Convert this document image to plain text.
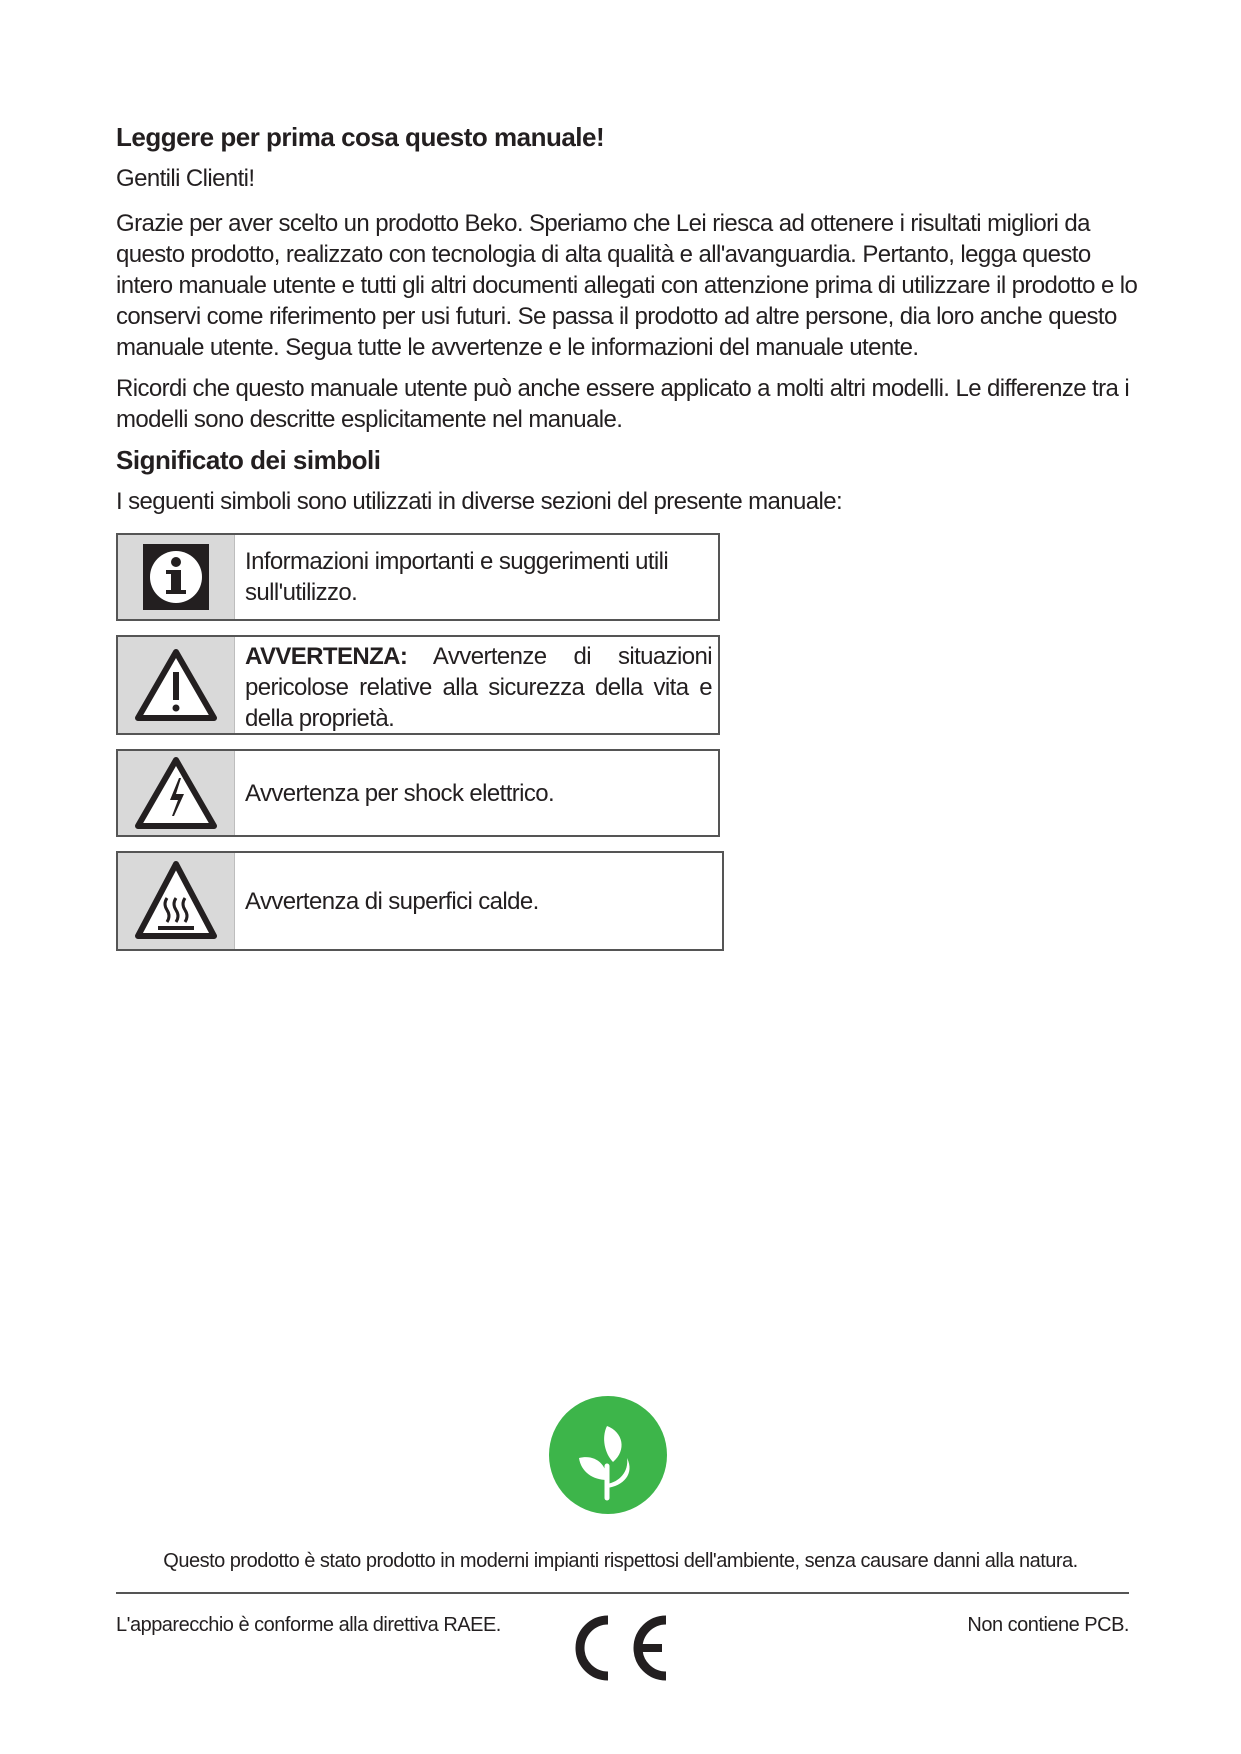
Leggere per prima cosa questo manuale!

Gentili Clienti!

Grazie per aver scelto un prodotto Beko. Speriamo che Lei riesca ad ottenere i risultati migliori da questo prodotto, realizzato con tecnologia di alta qualità e all'avanguardia. Pertanto, legga questo intero manuale utente e tutti gli altri documenti allegati con attenzione prima di utilizzare il prodotto e lo conservi come riferimento per usi futuri. Se passa il prodotto ad altre persone, dia loro anche questo manuale utente. Segua tutte le avvertenze e le informazioni del manuale utente.

Ricordi che questo manuale utente può anche essere applicato a molti altri modelli. Le differenze tra i modelli sono descritte esplicitamente nel manuale.

Significato dei simboli

I seguenti simboli sono utilizzati in diverse sezioni del presente manuale:

Informazioni importanti e suggerimenti utili sull'utilizzo.
AVVERTENZA: Avvertenze di situazioni pericolose relative alla sicurezza della vita e della proprietà.
Avvertenza per shock elettrico.
Avvertenza di superfici calde.
Questo prodotto è stato prodotto in moderni impianti rispettosi dell'ambiente, senza causare danni alla natura.
L'apparecchio è conforme alla direttiva RAEE.	Non contiene PCB.
